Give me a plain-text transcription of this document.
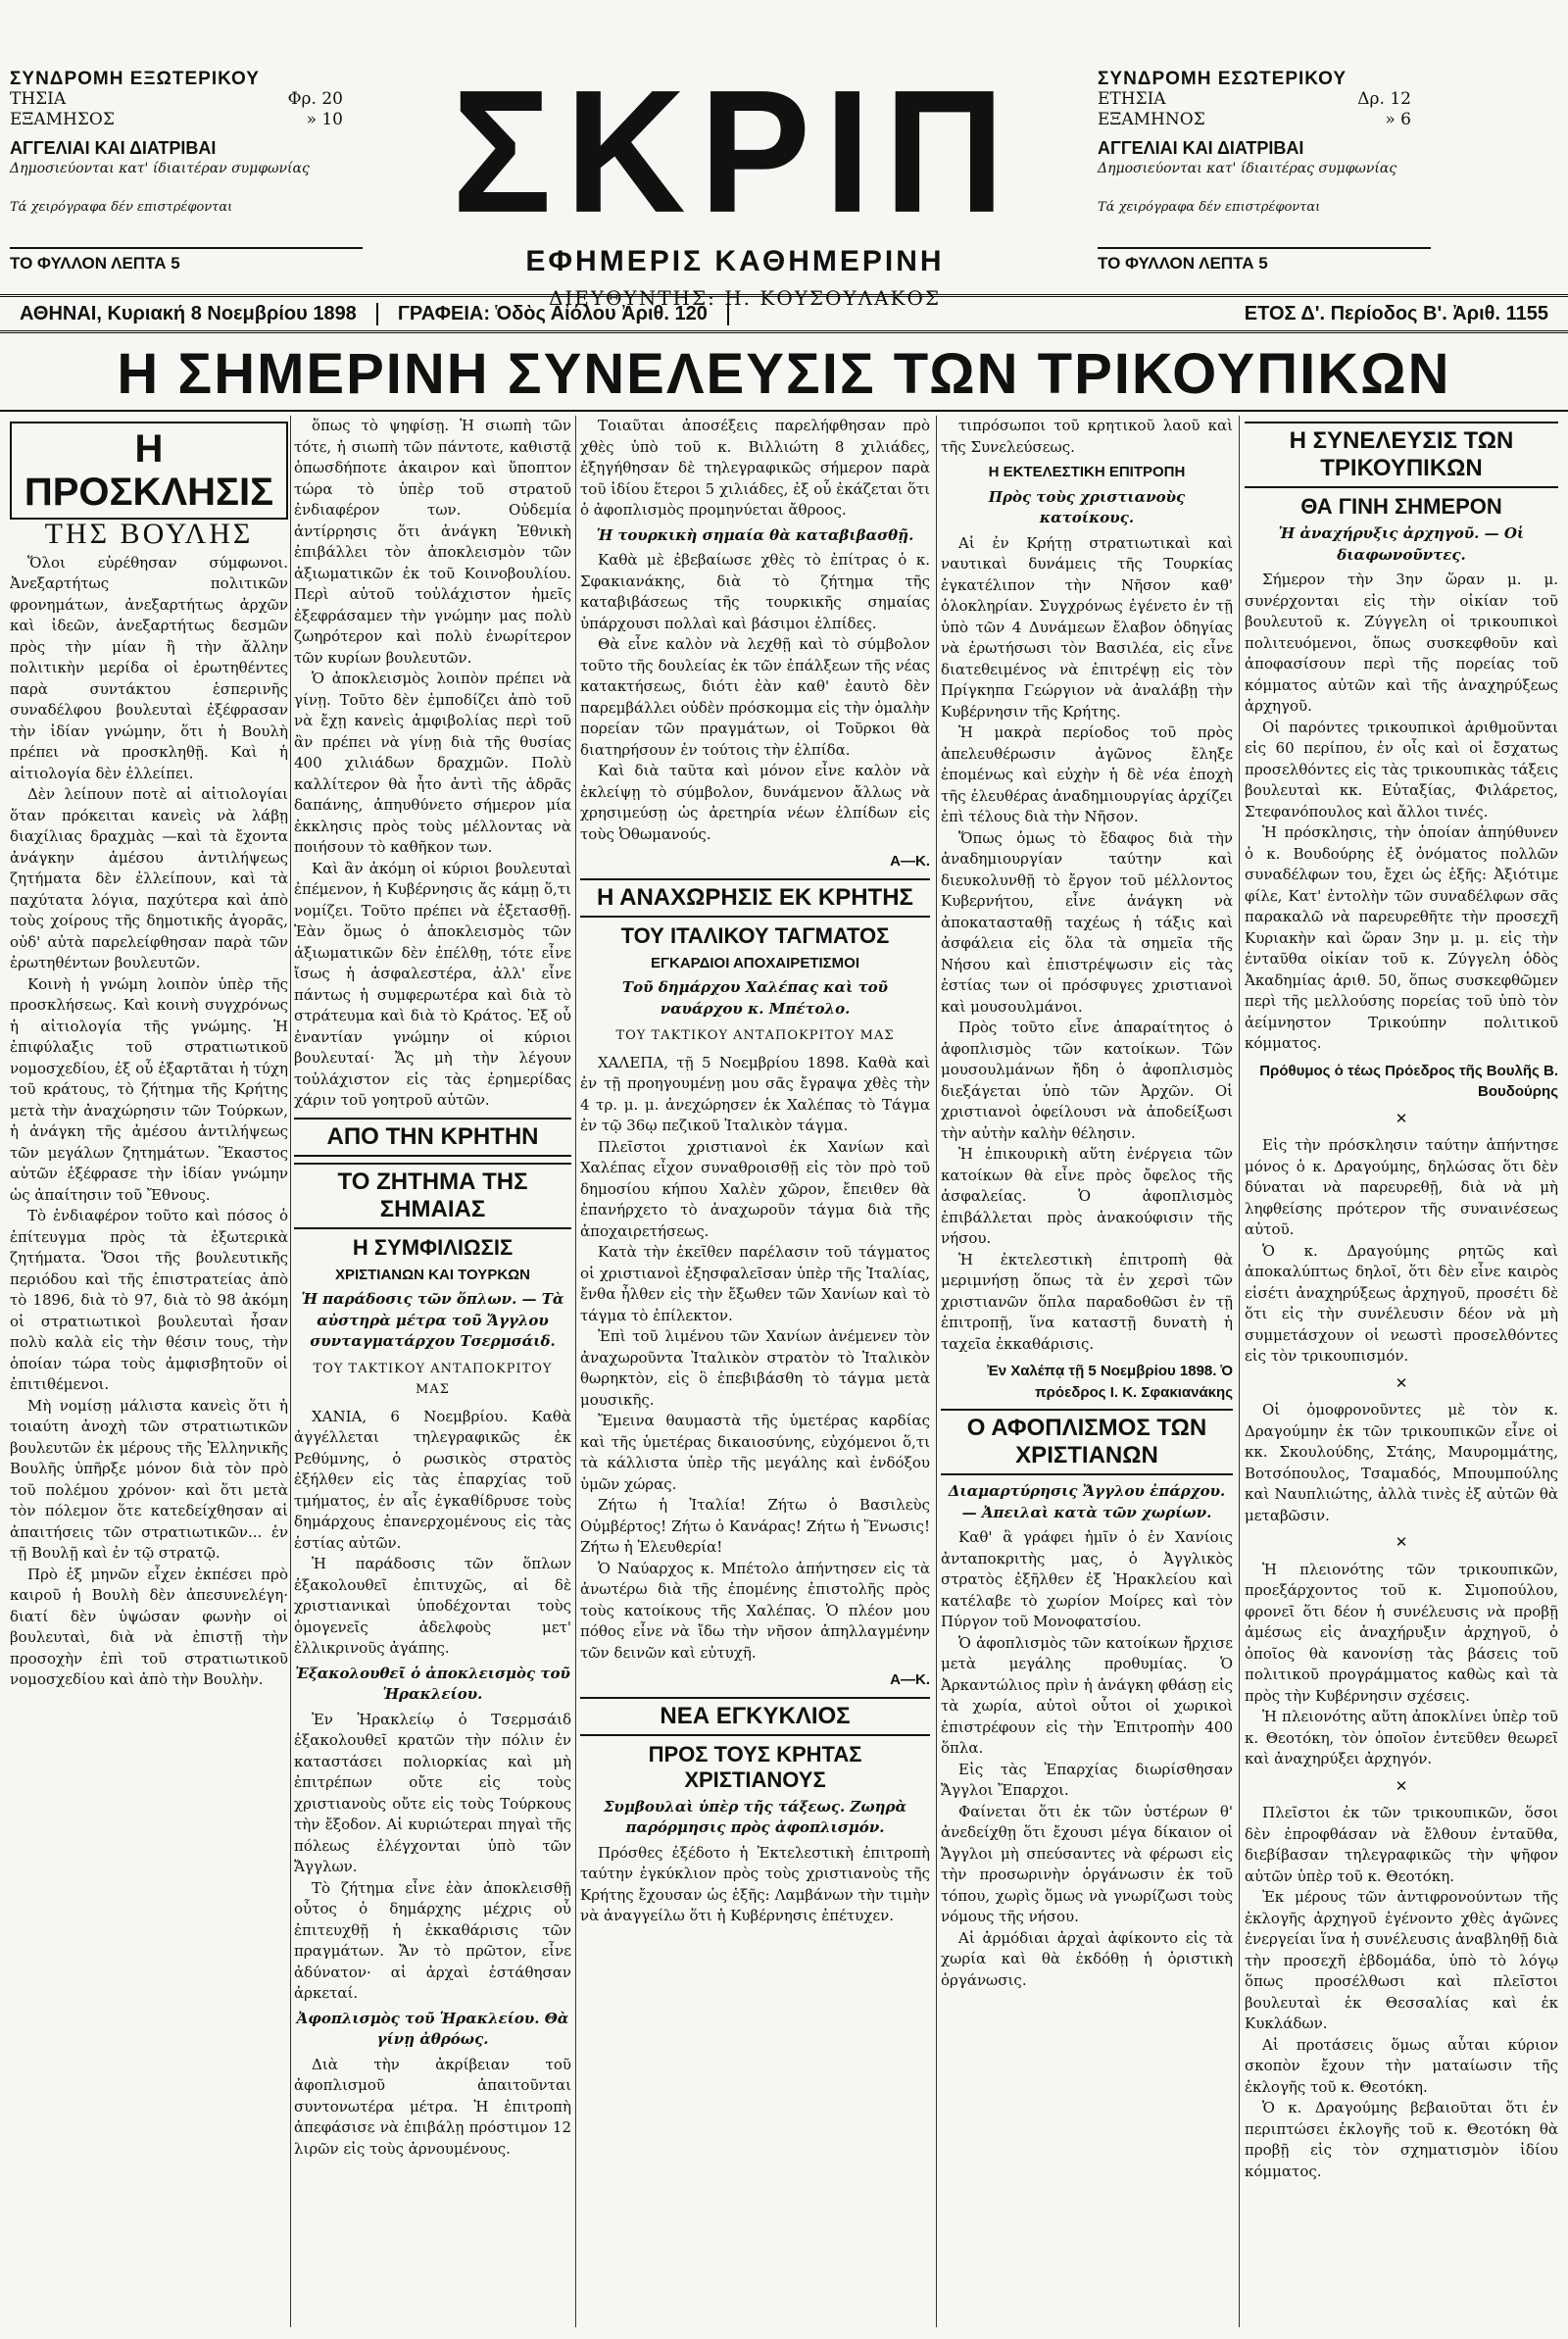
ΣΥΝΔΡΟΜΗ ΕΞΩΤΕΡΙΚΟΥ
ΤΗΣΙΑ	Φρ. 20
ΕΞΑΜΗΣΟΣ	» 10
ΑΓΓΕΛΙΑΙ ΚΑΙ ΔΙΑΤΡΙΒΑΙ
Δημοσιεύονται κατ' ίδιαιτέραν συμφωνίας
Τά χειρόγραφα δέν επιστρέφονται
ΤΟ ΦΥΛΛΟΝ ΛΕΠΤΑ 5
ΣΚΡΙΠ
ΕΦΗΜΕΡΙΣ ΚΑΘΗΜΕΡΙΝΗ
ΔΙΕΥΘΥΝΤΗΣ: Η. ΚΟΥΣΟΥΛΑΚΟΣ
ΣΥΝΔΡΟΜΗ ΕΣΩΤΕΡΙΚΟΥ
ΕΤΗΣΙΑ	Δρ. 12
ΕΞΑΜΗΝΟΣ	» 6
ΑΓΓΕΛΙΑΙ ΚΑΙ ΔΙΑΤΡΙΒΑΙ
Δημοσιεύονται κατ' ίδιαιτέρας συμφωνίας
Τά χειρόγραφα δέν επιστρέφονται
ΤΟ ΦΥΛΛΟΝ ΛΕΠΤΑ 5
ΑΘΗΝΑΙ, Κυριακή 8 Νοεμβρίου 1898	ΓΡΑΦΕΙΑ: Ὁδὸς Αἰόλου Ἀριθ. 120	ΕΤΟΣ Δ'. Περίοδος Β'. Ἀριθ. 1155
Η ΣΗΜΕΡΙΝΗ ΣΥΝΕΛΕΥΣΙΣ ΤΩΝ ΤΡΙΚΟΥΠΙΚΩΝ
Η ΠΡΟΣΚΛΗΣΙΣ
ΤΗΣ ΒΟΥΛΗΣ

Ὅλοι εὑρέθησαν σύμφωνοι. Ἀνεξαρτήτως πολιτικῶν φρονημάτων, ἀνεξαρτήτως ἀρχῶν καὶ ἰδεῶν, ἀνεξαρτήτως δεσμῶν πρὸς τὴν μίαν ἢ τὴν ἄλλην πολιτικὴν μερίδα οἱ ἐρωτηθέντες παρὰ συντάκτου ἑσπερινῆς συναδέλφου βουλευταὶ ἐξέφρασαν τὴν ἰδίαν γνώμην, ὅτι ἡ Βουλὴ πρέπει νὰ προσκληθῇ. Καὶ ἡ αἰτιολογία δὲν ἐλλείπει.

Δὲν λείπουν ποτὲ αἱ αἰτιολογίαι ὅταν πρόκειται κανεὶς νὰ λάβῃ διαχίλιας δραχμὰς —καὶ τὰ ἔχοντα ἀνάγκην ἀμέσου ἀντιλήψεως ζητήματα δὲν ἐλλείπουν, καὶ τὰ παχύτατα λόγια, παχύτερα καὶ ἀπὸ τοὺς χοίρους τῆς δημοτικῆς ἀγορᾶς, οὐδ' αὐτὰ παρελείφθησαν παρὰ τῶν ἐρωτηθέντων βουλευτῶν.

Κοινὴ ἡ γνώμη λοιπὸν ὑπὲρ τῆς προσκλήσεως. Καὶ κοινὴ συγχρόνως ἡ αἰτιολογία τῆς γνώμης. Ἡ ἐπιφύλαξις τοῦ στρατιωτικοῦ νομοσχεδίου, ἐξ οὗ ἐξαρτᾶται ἡ τύχη τοῦ κράτους, τὸ ζήτημα τῆς Κρήτης μετὰ τὴν ἀναχώρησιν τῶν Τούρκων, ἡ ἀνάγκη τῆς ἀμέσου ἀντιλήψεως τῶν μεγάλων ζητημάτων. Ἕκαστος αὐτῶν ἐξέφρασε τὴν ἰδίαν γνώμην ὡς ἀπαίτησιν τοῦ Ἔθνους.

Τὸ ἐνδιαφέρον τοῦτο καὶ πόσος ὁ ἐπίτευγμα πρὸς τὰ ἐξωτερικὰ ζητήματα. Ὅσοι τῆς βουλευτικῆς περιόδου καὶ τῆς ἐπιστρατείας ἀπὸ τὸ 1896, διὰ τὸ 97, διὰ τὸ 98 ἀκόμη οἱ στρατιωτικοὶ βουλευταὶ ἦσαν πολὺ καλὰ εἰς τὴν θέσιν τους, τὴν ὁποίαν τώρα τοὺς ἀμφισβητοῦν οἱ ἐπιτιθέμενοι.

Μὴ νομίσῃ μάλιστα κανεὶς ὅτι ἡ τοιαύτη ἀνοχὴ τῶν στρατιωτικῶν βουλευτῶν ἐκ μέρους τῆς Ἑλληνικῆς Βουλῆς ὑπῆρξε μόνον διὰ τὸν πρὸ τοῦ πολέμου χρόνον· καὶ ὅτι μετὰ τὸν πόλεμον ὅτε κατεδείχθησαν αἱ ἀπαιτήσεις τῶν στρατιωτικῶν... ἐν τῇ Βουλῇ καὶ ἐν τῷ στρατῷ.

Πρὸ ἐξ μηνῶν εἶχεν ἐκπέσει πρὸ καιροῦ ἡ Βουλὴ δὲν ἀπεσυνελέγη· διατί δὲν ὑψώσαν φωνὴν οἱ βουλευταὶ, διὰ νὰ ἐπιστῇ τὴν προσοχὴν ἐπὶ τοῦ στρατιωτικοῦ νομοσχεδίου καὶ ἀπὸ τὴν Βουλὴν.

ὅπως τὸ ψηφίσῃ. Ἡ σιωπὴ τῶν τότε, ἡ σιωπὴ τῶν πάντοτε, καθιστᾷ ὁπωσδήποτε ἀκαιρον καὶ ὕποπτον τώρα τὸ ὑπὲρ τοῦ στρατοῦ ἐνδιαφέρον των. Οὐδεμία ἀντίρρησις ὅτι ἀνάγκη Ἐθνικὴ ἐπιβάλλει τὸν ἀποκλεισμὸν τῶν ἀξιωματικῶν ἐκ τοῦ Κοινοβουλίου. Περὶ αὐτοῦ τοὐλάχιστον ἡμεῖς ἐξεφράσαμεν τὴν γνώμην μας πολὺ ζωηρότερον καὶ πολὺ ἐνωρίτερον τῶν κυρίων βουλευτῶν.

Ὁ ἀποκλεισμὸς λοιπὸν πρέπει νὰ γίνῃ. Τοῦτο δὲν ἐμποδίζει ἀπὸ τοῦ νὰ ἔχῃ κανεὶς ἀμφιβολίας περὶ τοῦ ἂν πρέπει νὰ γίνῃ διὰ τῆς θυσίας 400 χιλιάδων δραχμῶν. Πολὺ καλλίτερον θὰ ἦτο ἀντὶ τῆς ἁδρᾶς δαπάνης, ἀπηυθύνετο σήμερον μία ἐκκλησις πρὸς τοὺς μέλλοντας νὰ ποιήσουν τὸ καθῆκον των.

Καὶ ἂν ἀκόμη οἱ κύριοι βουλευταὶ ἐπέμενον, ἡ Κυβέρνησις ἄς κάμῃ ὅ,τι νομίζει. Τοῦτο πρέπει νὰ ἐξετασθῇ. Ἐὰν ὅμως ὁ ἀποκλεισμὸς τῶν ἀξιωματικῶν δὲν ἐπέλθῃ, τότε εἶνε ἴσως ἡ ἀσφαλεστέρα, ἀλλ' εἶνε πάντως ἡ συμφερωτέρα καὶ διὰ τὸ στράτευμα καὶ διὰ τὸ Κράτος. Ἐξ οὗ ἐναντίαν γνώμην οἱ κύριοι βουλευταί· Ἄς μὴ τὴν λέγουν τοὐλάχιστον εἰς τὰς ἐρημερίδας χάριν τοῦ γοητροῦ αὐτῶν.

ΑΠΟ ΤΗΝ ΚΡΗΤΗΝ
ΤΟ ΖΗΤΗΜΑ ΤΗΣ ΣΗΜΑΙΑΣ
Η ΣΥΜΦΙΛΙΩΣΙΣ
ΧΡΙΣΤΙΑΝΩΝ ΚΑΙ ΤΟΥΡΚΩΝ
Ἡ παράδοσις τῶν ὅπλων. — Τὰ αὐστηρὰ μέτρα τοῦ Ἄγγλου συνταγματάρχου Τσερμσάιδ.
ΤΟΥ ΤΑΚΤΙΚΟΥ ΑΝΤΑΠΟΚΡΙΤΟΥ ΜΑΣ

ΧΑΝΙΑ, 6 Νοεμβρίου. Καθὰ ἀγγέλλεται τηλεγραφικῶς ἐκ Ρεθύμνης, ὁ ρωσικὸς στρατὸς ἐξήλθεν εἰς τὰς ἐπαρχίας τοῦ τμήματος, ἐν αἷς ἐγκαθίδρυσε τοὺς δημάρχους ἐπανερχομένους εἰς τὰς ἑστίας αὐτῶν.

Ἡ παράδοσις τῶν ὅπλων ἐξακολουθεῖ ἐπιτυχῶς, αἱ δὲ χριστιανικαὶ ὑποδέχονται τοὺς ὁμογενεῖς ἀδελφοὺς μετ' ἐλλικρινοῦς ἀγάπης.

Ἐξακολουθεῖ ὁ ἀποκλεισμὸς τοῦ Ἡρακλείου.

Ἐν Ἡρακλείῳ ὁ Τσερμσάιδ ἐξακολουθεῖ κρατῶν τὴν πόλιν ἐν καταστάσει πολιορκίας καὶ μὴ ἐπιτρέπων οὔτε εἰς τοὺς χριστιανοὺς οὔτε εἰς τοὺς Τούρκους τὴν ἔξοδον. Αἱ κυριώτεραι πηγαὶ τῆς πόλεως ἐλέγχονται ὑπὸ τῶν Ἄγγλων.

Τὸ ζήτημα εἶνε ἐὰν ἀποκλεισθῇ οὗτος ὁ δημάρχης μέχρις οὗ ἐπιτευχθῇ ἡ ἐκκαθάρισις τῶν πραγμάτων. Ἄν τὸ πρῶτον, εἶνε ἀδύνατον· αἱ ἀρχαὶ ἐστάθησαν ἀρκεταί.

Ἀφοπλισμὸς τοῦ Ἡρακλείου. Θὰ γίνῃ ἀθρόως.

Διὰ τὴν ἀκρίβειαν τοῦ ἀφοπλισμοῦ ἀπαιτοῦνται συντονωτέρα μέτρα. Ἡ ἐπιτροπὴ ἀπεφάσισε νὰ ἐπιβάλῃ πρόστιμον 12 λιρῶν εἰς τοὺς ἀρνουμένους.

Τοιαῦται ἀποσέξεις παρελήφθησαν πρὸ χθὲς ὑπὸ τοῦ κ. Βιλλιώτη 8 χιλιάδες, ἐξηγήθησαν δὲ τηλεγραφικῶς σήμερον παρὰ τοῦ ἰδίου ἕτεροι 5 χιλιάδες, ἐξ οὗ ἐκάζεται ὅτι ὁ ἀφοπλισμὸς προμηνύεται ἄθροος.

Ἡ τουρκικὴ σημαία θὰ καταβιβασθῇ.

Καθὰ μὲ ἐβεβαίωσε χθὲς τὸ ἐπίτρας ὁ κ. Σφακιανάκης, διὰ τὸ ζήτημα τῆς καταβιβάσεως τῆς τουρκικῆς σημαίας ὑπάρχουσι πολλαὶ καὶ βάσιμοι ἐλπίδες.

Θὰ εἶνε καλὸν νὰ λεχθῇ καὶ τὸ σύμβολον τοῦτο τῆς δουλείας ἐκ τῶν ἐπάλξεων τῆς νέας κατακτήσεως, διότι ἐὰν καθ' ἑαυτὸ δὲν παρεμβάλλει οὐδὲν πρόσκομμα εἰς τὴν ὁμαλὴν πορείαν τῶν πραγμάτων, οἱ Τοῦρκοι θὰ διατηρήσουν ἐν τούτοις τὴν ἐλπίδα.

Καὶ διὰ ταῦτα καὶ μόνον εἶνε καλὸν νὰ ἐκλείψῃ τὸ σύμβολον, δυνάμενον ἄλλως νὰ χρησιμεύσῃ ὡς ἀρετηρία νέων ἐλπίδων εἰς τοὺς Ὀθωμανούς.

Α—Κ.
Η ΑΝΑΧΩΡΗΣΙΣ ΕΚ ΚΡΗΤΗΣ
ΤΟΥ ΙΤΑΛΙΚΟΥ ΤΑΓΜΑΤΟΣ
ΕΓΚΑΡΔΙΟΙ ΑΠΟΧΑΙΡΕΤΙΣΜΟΙ
Τοῦ δημάρχου Χαλέπας καὶ τοῦ ναυάρχου κ. Μπέτολο.
ΤΟΥ ΤΑΚΤΙΚΟΥ ΑΝΤΑΠΟΚΡΙΤΟΥ ΜΑΣ

ΧΑΛΕΠΑ, τῇ 5 Νοεμβρίου 1898. Καθὰ καὶ ἐν τῇ προηγουμένῃ μου σᾶς ἔγραψα χθὲς τὴν 4 τρ. μ. μ. ἀνεχώρησεν ἐκ Χαλέπας τὸ Τάγμα ἐν τῷ 36ῳ πεζικοῦ Ἰταλικὸν τάγμα.

Πλεῖστοι χριστιανοὶ ἐκ Χανίων καὶ Χαλέπας εἶχον συναθροισθῇ εἰς τὸν πρὸ τοῦ δημοσίου κήπου Χαλὲν χῶρον, ἔπειθεν θὰ ἐπανήρχετο τὸ ἀναχωροῦν τάγμα διὰ τῆς ἀποχαιρετήσεως.

Κατὰ τὴν ἐκεῖθεν παρέλασιν τοῦ τάγματος οἱ χριστιανοὶ ἐξησφαλεῖσαν ὑπὲρ τῆς Ἰταλίας, ἔνθα ἦλθεν εἰς τὴν ἔξωθεν τῶν Χανίων καὶ τὸ τάγμα τὸ ἐπίλεκτον.

Ἐπὶ τοῦ λιμένου τῶν Χανίων ἀνέμενεν τὸν ἀναχωροῦντα Ἰταλικὸν στρατὸν τὸ Ἰταλικὸν θωρηκτὸν, εἰς ὃ ἐπεβιβάσθη τὸ τάγμα μετὰ μουσικῆς.

Ἔμεινα θαυμαστὰ τῆς ὑμετέρας καρδίας καὶ τῆς ὑμετέρας δικαιοσύνης, εὐχόμενοι ὅ,τι τὰ κάλλιστα ὑπὲρ τῆς μεγάλης καὶ ἐνδόξου ὑμῶν χώρας.

Ζήτω ἡ Ἰταλία! Ζήτω ὁ Βασιλεὺς Οὐμβέρτος! Ζήτω ὁ Κανάρας! Ζήτω ἡ Ἕνωσις! Ζήτω ἡ Ἐλευθερία!

Ὁ Ναύαρχος κ. Μπέτολο ἀπήντησεν εἰς τὰ ἀνωτέρω διὰ τῆς ἐπομένης ἐπιστολῆς πρὸς τοὺς κατοίκους τῆς Χαλέπας. Ὁ πλέον μου πόθος εἶνε νὰ ἴδω τὴν νῆσον ἀπηλλαγμένην τῶν δεινῶν καὶ εὐτυχῆ.

Α—Κ.
ΝΕΑ ΕΓΚΥΚΛΙΟΣ
ΠΡΟΣ ΤΟΥΣ ΚΡΗΤΑΣ ΧΡΙΣΤΙΑΝΟΥΣ
Συμβουλαὶ ὑπὲρ τῆς τάξεως. Ζωηρὰ παρόρμησις πρὸς ἀφοπλισμόν.

Πρόσθες ἐξέδοτο ἡ Ἐκτελεστικὴ ἐπιτροπὴ ταύτην ἐγκύκλιον πρὸς τοὺς χριστιανοὺς τῆς Κρήτης ἔχουσαν ὡς ἑξῆς: Λαμβάνων τὴν τιμὴν νὰ ἀναγγείλω ὅτι ἡ Κυβέρνησις ἐπέτυχεν.

τιπρόσωποι τοῦ κρητικοῦ λαοῦ καὶ τῆς Συνελεύσεως.

Η ΕΚΤΕΛΕΣΤΙΚΗ ΕΠΙΤΡΟΠΗ
Πρὸς τοὺς χριστιανοὺς κατοίκους.

Αἱ ἐν Κρήτῃ στρατιωτικαὶ καὶ ναυτικαὶ δυνάμεις τῆς Τουρκίας ἐγκατέλιπον τὴν Νῆσον καθ' ὁλοκληρίαν. Συγχρόνως ἐγένετο ἐν τῇ ὑπὸ τῶν 4 Δυνάμεων ἔλαβον ὁδηγίας νὰ ἐρωτήσωσι τὸν Βασιλέα, εἰς εἶνε διατεθειμένος νὰ ἐπιτρέψῃ εἰς τὸν Πρίγκηπα Γεώργιον νὰ ἀναλάβῃ τὴν Κυβέρνησιν τῆς Κρήτης.

Ἡ μακρὰ περίοδος τοῦ πρὸς ἀπελευθέρωσιν ἀγῶνος ἔληξε ἐπομένως καὶ εὐχὴν ἡ δὲ νέα ἐποχὴ τῆς ἐλευθέρας ἀναδημιουργίας ἀρχίζει ἐπὶ τέλους διὰ τὴν Νῆσον.

Ὅπως ὁμως τὸ ἔδαφος διὰ τὴν ἀναδημιουργίαν ταύτην καὶ διευκολυνθῇ τὸ ἔργον τοῦ μέλλοντος Κυβερνήτου, εἶνε ἀνάγκη νὰ ἀποκατασταθῇ ταχέως ἡ τάξις καὶ ἀσφάλεια εἰς ὅλα τὰ σημεῖα τῆς Νήσου καὶ ἐπιστρέψωσιν εἰς τὰς ἑστίας των οἱ πρόσφυγες χριστιανοὶ καὶ μουσουλμάνοι.

Πρὸς τοῦτο εἶνε ἀπαραίτητος ὁ ἀφοπλισμὸς τῶν κατοίκων. Τῶν μουσουλμάνων ἤδη ὁ ἀφοπλισμὸς διεξάγεται ὑπὸ τῶν Ἀρχῶν. Οἱ χριστιανοὶ ὀφείλουσι νὰ ἀποδείξωσι τὴν αὐτὴν καλὴν θέλησιν.

Ἡ ἐπικουρικὴ αὕτη ἐνέργεια τῶν κατοίκων θὰ εἶνε πρὸς ὄφελος τῆς ἀσφαλείας. Ὁ ἀφοπλισμὸς ἐπιβάλλεται πρὸς ἀνακούφισιν τῆς νήσου.

Ἡ ἐκτελεστικὴ ἐπιτροπὴ θὰ μεριμνήσῃ ὅπως τὰ ἐν χερσὶ τῶν χριστιανῶν ὅπλα παραδοθῶσι ἐν τῇ ἐπιτροπῇ, ἵνα καταστῇ δυνατὴ ἡ ταχεῖα ἐκκαθάρισις.

Ἐν Χαλέπᾳ τῇ 5 Νοεμβρίου 1898. Ὁ πρόεδρος Ι. Κ. Σφακιανάκης
Ο ΑΦΟΠΛΙΣΜΟΣ ΤΩΝ ΧΡΙΣΤΙΑΝΩΝ
Διαμαρτύρησις Ἄγγλου ἐπάρχου. — Ἀπειλαὶ κατὰ τῶν χωρίων.

Καθ' ἃ γράφει ἡμῖν ὁ ἐν Χανίοις ἀνταποκριτὴς μας, ὁ Ἀγγλικὸς στρατὸς ἐξῆλθεν ἐξ Ἡρακλείου καὶ κατέλαβε τὸ χωρίον Μοίρες καὶ τὸν Πύργον τοῦ Μονοφατσίου.

Ὁ ἀφοπλισμὸς τῶν κατοίκων ἤρχισε μετὰ μεγάλης προθυμίας. Ὁ Ἀρκαντώλιος πρὶν ἡ ἀνάγκη φθάσῃ εἰς τὰ χωρία, αὐτοὶ οὗτοι οἱ χωρικοὶ ἐπιστρέφουν εἰς τὴν Ἐπιτροπὴν 400 ὅπλα.

Εἰς τὰς Ἐπαρχίας διωρίσθησαν Ἄγγλοι Ἔπαρχοι.

Φαίνεται ὅτι ἐκ τῶν ὑστέρων θ' ἀνεδείχθῃ ὅτι ἔχουσι μέγα δίκαιον οἱ Ἄγγλοι μὴ σπεύσαντες νὰ φέρωσι εἰς τὴν προσωρινὴν ὀργάνωσιν ἐκ τοῦ τόπου, χωρὶς ὅμως νὰ γνωρίζωσι τοὺς νόμους τῆς νήσου.

Αἱ ἁρμόδιαι ἀρχαὶ ἀφίκοντο εἰς τὰ χωρία καὶ θὰ ἐκδόθῃ ἡ ὁριστικὴ ὀργάνωσις.

Η ΣΥΝΕΛΕΥΣΙΣ ΤΩΝ ΤΡΙΚΟΥΠΙΚΩΝ
ΘΑ ΓΙΝΗ ΣΗΜΕΡΟΝ
Ἡ ἀναχήρυξις ἀρχηγοῦ. — Οἱ διαφωνοῦντες.

Σήμερον τὴν 3ην ὥραν μ. μ. συνέρχονται εἰς τὴν οἰκίαν τοῦ βουλευτοῦ κ. Ζύγγελη οἱ τρικουπικοὶ πολιτευόμενοι, ὅπως συσκεφθοῦν καὶ ἀποφασίσουν περὶ τῆς πορείας τοῦ κόμματος αὐτῶν καὶ τῆς ἀναχηρύξεως ἀρχηγοῦ.

Οἱ παρόντες τρικουπικοὶ ἀριθμοῦνται εἰς 60 περίπου, ἐν οἷς καὶ οἱ ἔσχατως προσελθόντες εἰς τὰς τρικουπικὰς τάξεις βουλευταὶ κκ. Εὐταξίας, Φιλάρετος, Στεφανόπουλος καὶ ἄλλοι τινές.

Ἡ πρόσκλησις, τὴν ὁποίαν ἀπηύθυνεν ὁ κ. Βουδούρης ἐξ ὀνόματος πολλῶν συναδέλφων του, ἔχει ὡς ἑξῆς: Ἀξιότιμε φίλε, Κατ' ἐντολὴν τῶν συναδέλφων σᾶς παρακαλῶ νὰ παρευρεθῆτε τὴν προσεχῆ Κυριακὴν καὶ ὥραν 3ην μ. μ. εἰς τὴν ἐνταῦθα οἰκίαν τοῦ κ. Ζύγγελη ὁδὸς Ἀκαδημίας ἀριθ. 50, ὅπως συσκεφθῶμεν περὶ τῆς μελλούσης πορείας τοῦ ὑπὸ τὸν ἀείμνηστον Τρικούπην πολιτικοῦ κόμματος.

Πρόθυμος ὁ τέως Πρόεδρος τῆς Βουλῆς Β. Βουδούρης
✕

Εἰς τὴν πρόσκλησιν ταύτην ἀπήντησε μόνος ὁ κ. Δραγούμης, δηλώσας ὅτι δὲν δύναται νὰ παρευρεθῇ, διὰ νὰ μὴ ληφθείσης πρότερον τῆς συναινέσεως αὐτοῦ.

Ὁ κ. Δραγούμης ρητῶς καὶ ἀποκαλύπτως δηλοῖ, ὅτι δὲν εἶνε καιρὸς εἰσέτι ἀναχηρύξεως ἀρχηγοῦ, προσέτι δὲ ὅτι εἰς τὴν συνέλευσιν δέον νὰ μὴ συμμετάσχουν οἱ νεωστὶ προσελθόντες εἰς τὸν τρικουπισμόν.

✕

Οἱ ὁμοφρονοῦντες μὲ τὸν κ. Δραγούμην ἐκ τῶν τρικουπικῶν εἶνε οἱ κκ. Σκουλούδης, Στάης, Μαυρομμάτης, Βοτσόπουλος, Τσαμαδός, Μπουμπούλης καὶ Ναυπλιώτης, ἀλλὰ τινὲς ἐξ αὐτῶν θὰ μεταβῶσιν.

✕

Ἡ πλειονότης τῶν τρικουπικῶν, προεξάρχοντος τοῦ κ. Σιμοπούλου, φρονεῖ ὅτι δέον ἡ συνέλευσις νὰ προβῇ ἀμέσως εἰς ἀναχήρυξιν ἀρχηγοῦ, ὁ ὁποῖος θὰ κανονίσῃ τὰς βάσεις τοῦ πολιτικοῦ προγράμματος καθὼς καὶ τὰ πρὸς τὴν Κυβέρνησιν σχέσεις.

Ἡ πλειονότης αὕτη ἀποκλίνει ὑπὲρ τοῦ κ. Θεοτόκη, τὸν ὁποῖον ἐντεῦθεν θεωρεῖ καὶ ἀναχηρύξει ἀρχηγόν.

✕

Πλεῖστοι ἐκ τῶν τρικουπικῶν, ὅσοι δὲν ἐπροφθάσαν νὰ ἔλθουν ἐνταῦθα, διεβίβασαν τηλεγραφικῶς τὴν ψῆφον αὐτῶν ὑπὲρ τοῦ κ. Θεοτόκη.

Ἐκ μέρους τῶν ἀντιφρονούντων τῆς ἐκλογῆς ἀρχηγοῦ ἐγένοντο χθὲς ἀγῶνες ἐνεργείαι ἵνα ἡ συνέλευσις ἀναβληθῇ διὰ τὴν προσεχῆ ἑβδομάδα, ὑπὸ τὸ λόγῳ ὅπως προσέλθωσι καὶ πλεῖστοι βουλευταὶ ἐκ Θεσσαλίας καὶ ἐκ Κυκλάδων.

Αἱ προτάσεις ὅμως αὗται κύριον σκοπὸν ἔχουν τὴν ματαίωσιν τῆς ἐκλογῆς τοῦ κ. Θεοτόκη.

Ὁ κ. Δραγούμης βεβαιοῦται ὅτι ἐν περιπτώσει ἐκλογῆς τοῦ κ. Θεοτόκη θὰ προβῇ εἰς τὸν σχηματισμὸν ἰδίου κόμματος.
